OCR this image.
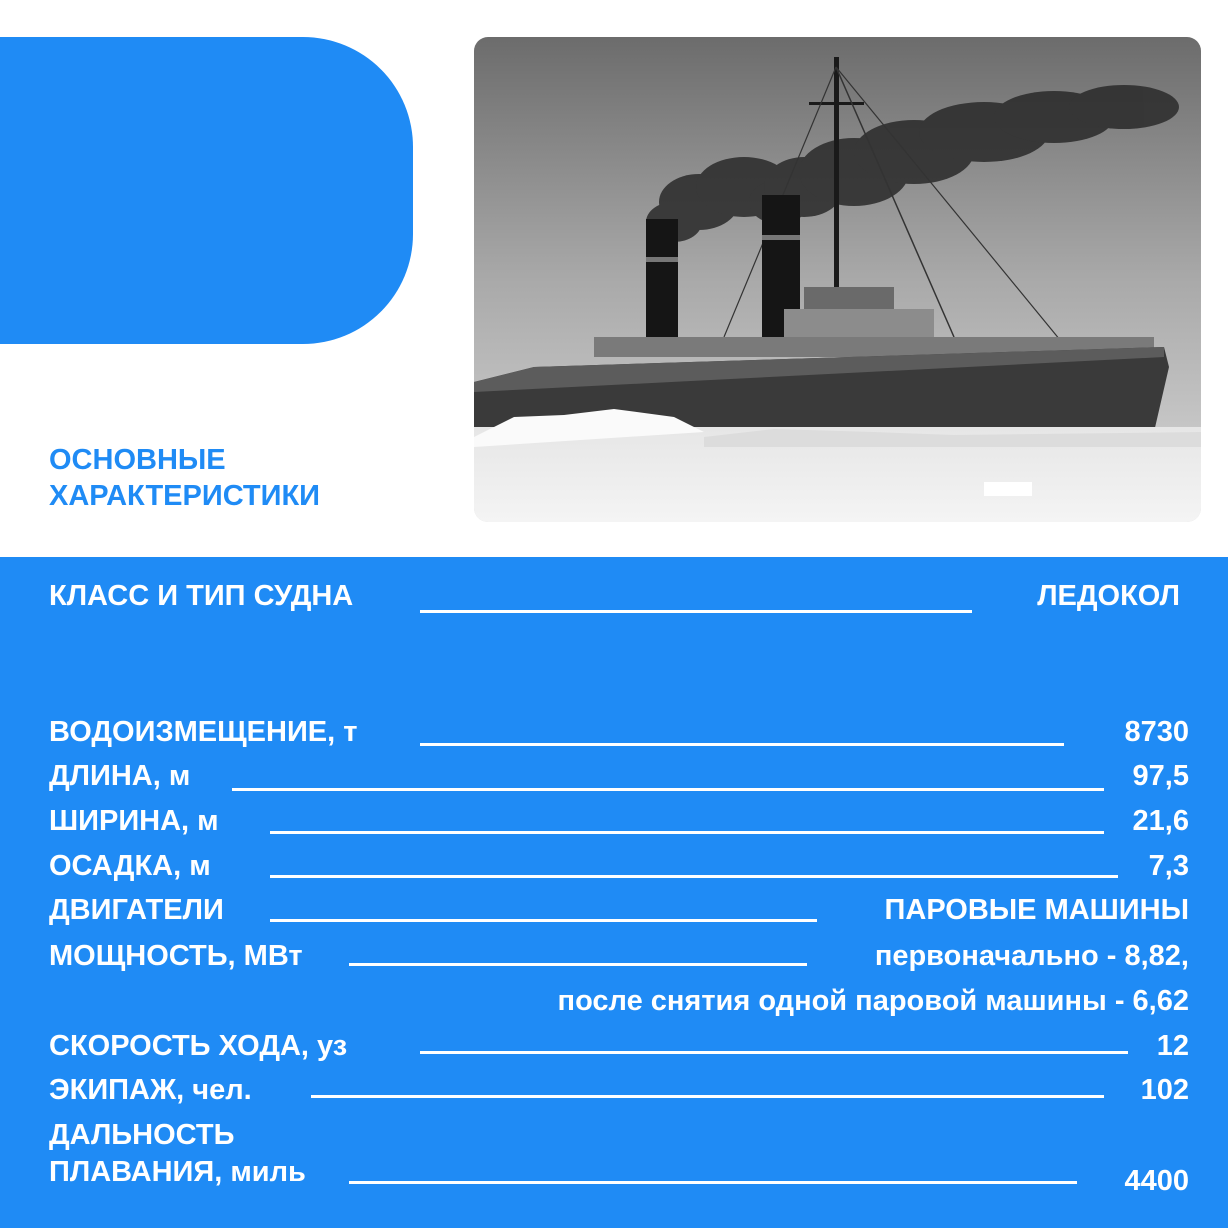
ОСНОВНЫЕ
ХАРАКТЕРИСТИКИ
КЛАСС И ТИП СУДНА	ЛЕДОКОЛ
ВОДОИЗМЕЩЕНИЕ, т	8730
ДЛИНА, м	97,5
ШИРИНА, м	21,6
ОСАДКА, м	7,3
ДВИГАТЕЛИ	ПАРОВЫЕ МАШИНЫ
МОЩНОСТЬ, МВт	первоначально - 8,82,
после снятия одной паровой машины - 6,62
СКОРОСТЬ ХОДА, уз	12
ЭКИПАЖ, чел.	102
ДАЛЬНОСТЬ
ПЛАВАНИЯ, миль	4400
